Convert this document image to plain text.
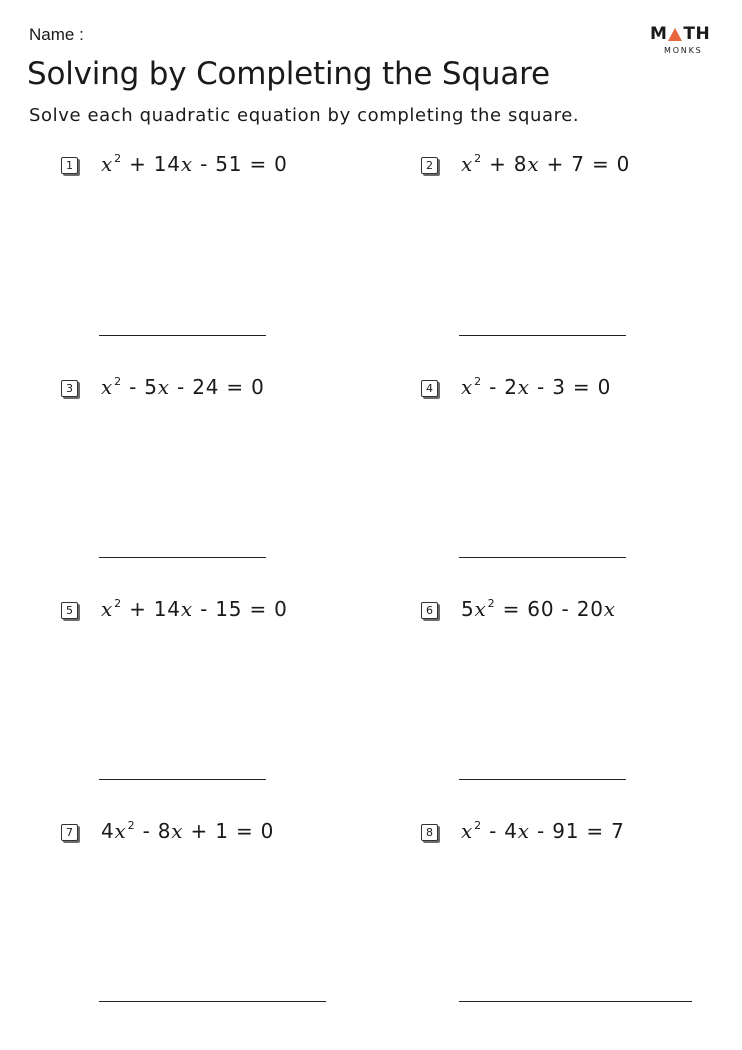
Name :	M TH
MONKS
Solving by Completing the Square
Solve each quadratic equation by completing the square.
1 $x^2 + 14x - 51 = 0$	2 $x^2 + 8x + 7 = 0$
3 $x^2 - 5x - 24 = 0$	4 $x^2 - 2x - 3 = 0$
5 $x^2 + 14x - 15 = 0$	6 $5x^2 = 60 - 20x$
7 $4x^2 - 8x + 1 = 0$	8 $x^2 - 4x - 91 = 7$
